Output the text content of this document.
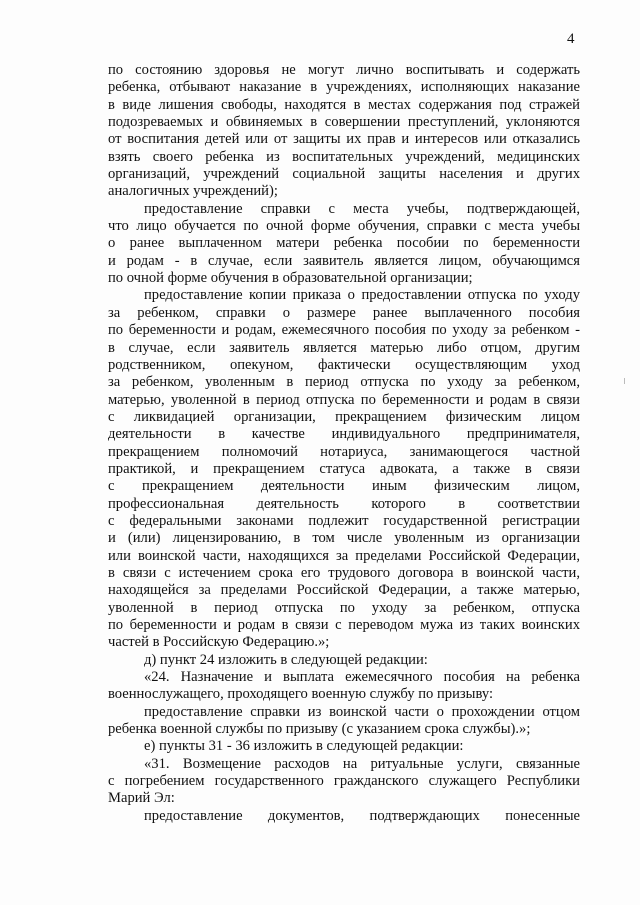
4
по состоянию здоровья не могут лично воспитывать и содержать
ребенка, отбывают наказание в учреждениях, исполняющих наказание
в виде лишения свободы, находятся в местах содержания под стражей
подозреваемых и обвиняемых в совершении преступлений, уклоняются
от воспитания детей или от защиты их прав и интересов или отказались
взять своего ребенка из воспитательных учреждений, медицинских
организаций, учреждений социальной защиты населения и других
аналогичных учреждений);
предоставление справки с места учебы, подтверждающей,
что лицо обучается по очной форме обучения, справки с места учебы
о ранее выплаченном матери ребенка пособии по беременности
и родам - в случае, если заявитель является лицом, обучающимся
по очной форме обучения в образовательной организации;
предоставление копии приказа о предоставлении отпуска по уходу
за ребенком, справки о размере ранее выплаченного пособия
по беременности и родам, ежемесячного пособия по уходу за ребенком -
в случае, если заявитель является матерью либо отцом, другим
родственником, опекуном, фактически осуществляющим уход
за ребенком, уволенным в период отпуска по уходу за ребенком,
матерью, уволенной в период отпуска по беременности и родам в связи
с ликвидацией организации, прекращением физическим лицом
деятельности в качестве индивидуального предпринимателя,
прекращением полномочий нотариуса, занимающегося частной
практикой, и прекращением статуса адвоката, а также в связи
с прекращением деятельности иным физическим лицом,
профессиональная деятельность которого в соответствии
с федеральными законами подлежит государственной регистрации
и (или) лицензированию, в том числе уволенным из организации
или воинской части, находящихся за пределами Российской Федерации,
в связи с истечением срока его трудового договора в воинской части,
находящейся за пределами Российской Федерации, а также матерью,
уволенной в период отпуска по уходу за ребенком, отпуска
по беременности и родам в связи с переводом мужа из таких воинских
частей в Российскую Федерацию.»;
д) пункт 24 изложить в следующей редакции:
«24. Назначение и выплата ежемесячного пособия на ребенка
военнослужащего, проходящего военную службу по призыву:
предоставление справки из воинской части о прохождении отцом
ребенка военной службы по призыву (с указанием срока службы).»;
е) пункты 31 - 36 изложить в следующей редакции:
«31. Возмещение расходов на ритуальные услуги, связанные
с погребением государственного гражданского служащего Республики
Марий Эл:
предоставление документов, подтверждающих понесенные
